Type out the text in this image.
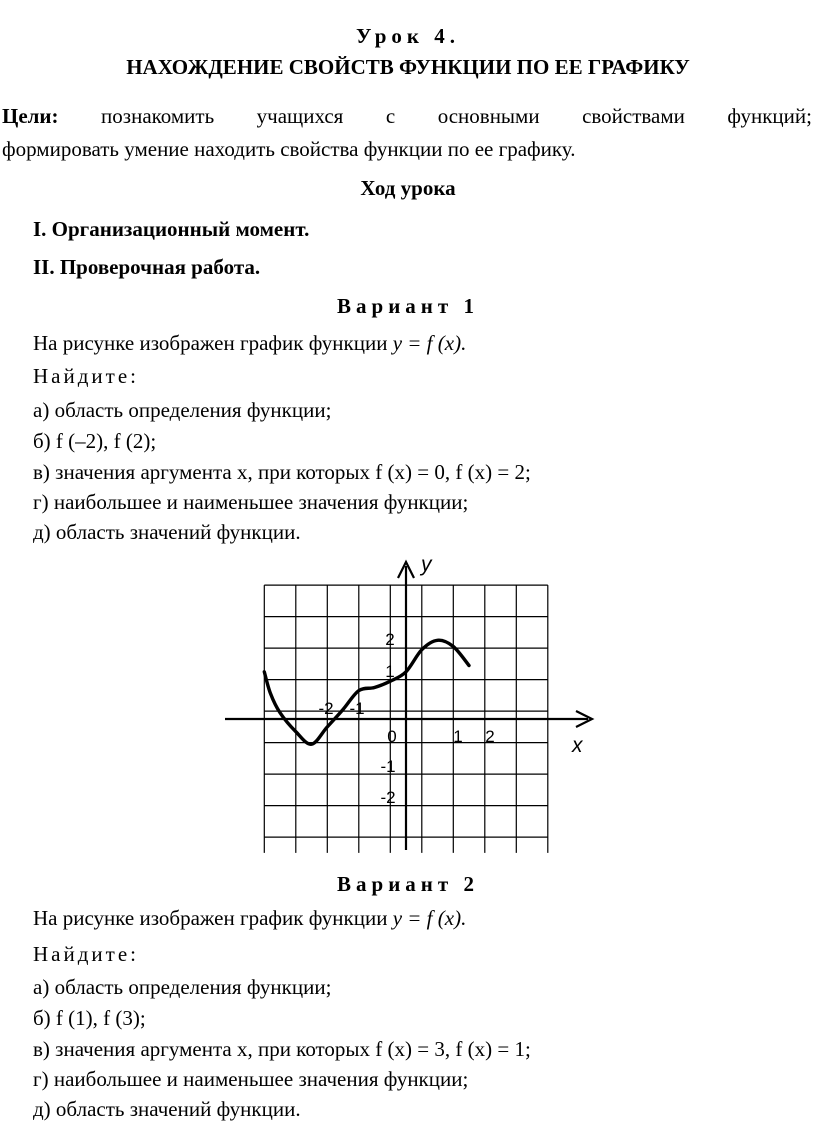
Урок 4.
НАХОЖДЕНИЕ СВОЙСТВ ФУНКЦИИ ПО ЕЕ ГРАФИКУ
Цели: познакомить учащихся с основными свойствами функций;
формировать умение находить свойства функции по ее графику.
Ход урока
I. Организационный момент.
II. Проверочная работа.
Вариант 1
На рисунке изображен график функции y = f (x).
Найдите:
а) область определения функции;
б) f (–2), f (2);
в) значения аргумента x, при которых f (x) = 0, f (x) = 2;
г) наибольшее и наименьшее значения функции;
д) область значений функции.
x
y
-2 -1
0	1 2
2
1
-1
-2
Вариант 2
На рисунке изображен график функции y = f (x).
Найдите:
а) область определения функции;
б) f (1), f (3);
в) значения аргумента x, при которых f (x) = 3, f (x) = 1;
г) наибольшее и наименьшее значения функции;
д) область значений функции.
